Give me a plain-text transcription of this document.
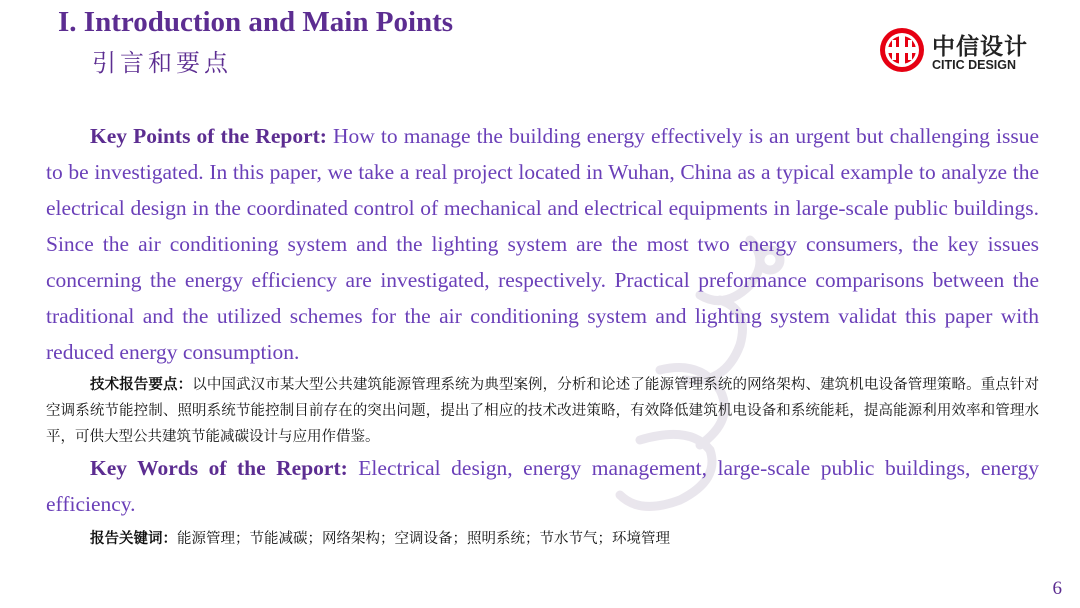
I. Introduction and Main Points
引言和要点
中信设计
CITIC DESIGN

Key Points of the Report: How to manage the building energy effectively is an urgent but challenging issue to be investigated. In this paper, we take a real project located in Wuhan, China as a typical example to analyze the electrical design in the coordinated control of mechanical and electrical equipments in large-scale public buildings. Since the air conditioning system and the lighting system are the most two energy consumers, the key issues concerning the energy efficiency are investigated, respectively. Practical preformance comparisons between the traditional and the utilized schemes for the air conditioning system and lighting system validat this paper with reduced energy consumption.

技术报告要点：以中国武汉市某大型公共建筑能源管理系统为典型案例，分析和论述了能源管理系统的网络架构、建筑机电设备管理策略。重点针对空调系统节能控制、照明系统节能控制目前存在的突出问题，提出了相应的技术改进策略，有效降低建筑机电设备和系统能耗，提高能源利用效率和管理水平，可供大型公共建筑节能减碳设计与应用作借鉴。

Key Words of the Report: Electrical design, energy management, large-scale public buildings, energy efficiency.

报告关键词：能源管理；节能减碳；网络架构；空调设备；照明系统；节水节气；环境管理

6
